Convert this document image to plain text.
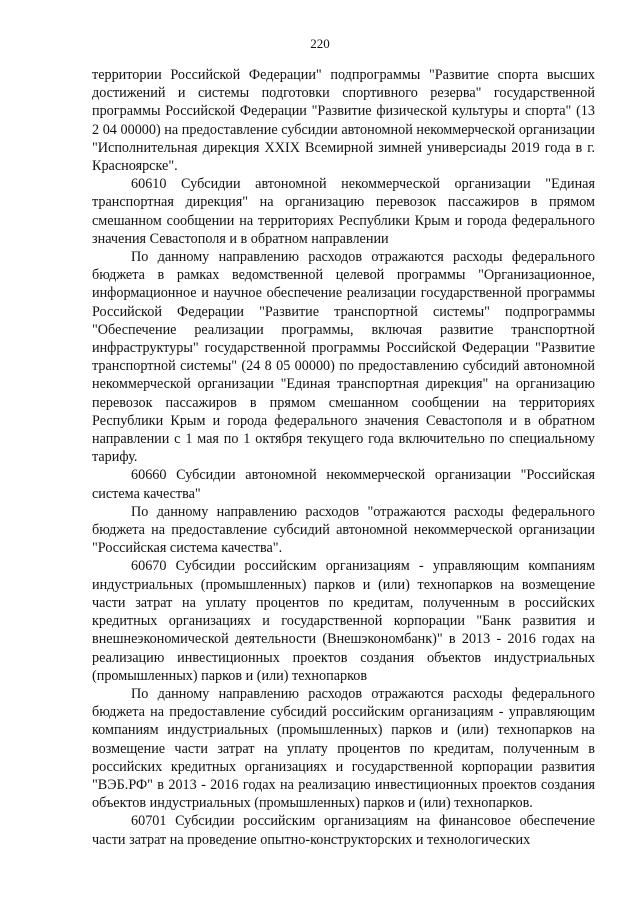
220

территории Российской Федерации" подпрограммы "Развитие спорта высших достижений и системы подготовки спортивного резерва" государственной программы Российской Федерации "Развитие физической культуры и спорта" (13 2 04 00000) на предоставление субсидии автономной некоммерческой организации "Исполнительная дирекция XXIX Всемирной зимней универсиады 2019 года в г. Красноярске".

60610 Субсидии автономной некоммерческой организации "Единая транспортная дирекция" на организацию перевозок пассажиров в прямом смешанном сообщении на территориях Республики Крым и города федерального значения Севастополя и в обратном направлении

По данному направлению расходов отражаются расходы федерального бюджета в рамках ведомственной целевой программы "Организационное, информационное и научное обеспечение реализации государственной программы Российской Федерации "Развитие транспортной системы" подпрограммы "Обеспечение реализации программы, включая развитие транспортной инфраструктуры" государственной программы Российской Федерации "Развитие транспортной системы" (24 8 05 00000) по предоставлению субсидий автономной некоммерческой организации "Единая транспортная дирекция" на организацию перевозок пассажиров в прямом смешанном сообщении на территориях Республики Крым и города федерального значения Севастополя и в обратном направлении с 1 мая по 1 октября текущего года включительно по специальному тарифу.

60660 Субсидии автономной некоммерческой организации "Российская система качества"

По данному направлению расходов "отражаются расходы федерального бюджета на предоставление субсидий автономной некоммерческой организации "Российская система качества".

60670 Субсидии российским организациям - управляющим компаниям индустриальных (промышленных) парков и (или) технопарков на возмещение части затрат на уплату процентов по кредитам, полученным в российских кредитных организациях и государственной корпорации "Банк развития и внешнеэкономической деятельности (Внешэкономбанк)" в 2013 - 2016 годах на реализацию инвестиционных проектов создания объектов индустриальных (промышленных) парков и (или) технопарков

По данному направлению расходов отражаются расходы федерального бюджета на предоставление субсидий российским организациям - управляющим компаниям индустриальных (промышленных) парков и (или) технопарков на возмещение части затрат на уплату процентов по кредитам, полученным в российских кредитных организациях и государственной корпорации развития "ВЭБ.РФ" в 2013 - 2016 годах на реализацию инвестиционных проектов создания объектов индустриальных (промышленных) парков и (или) технопарков.

60701 Субсидии российским организациям на финансовое обеспечение части затрат на проведение опытно-конструкторских и технологических
